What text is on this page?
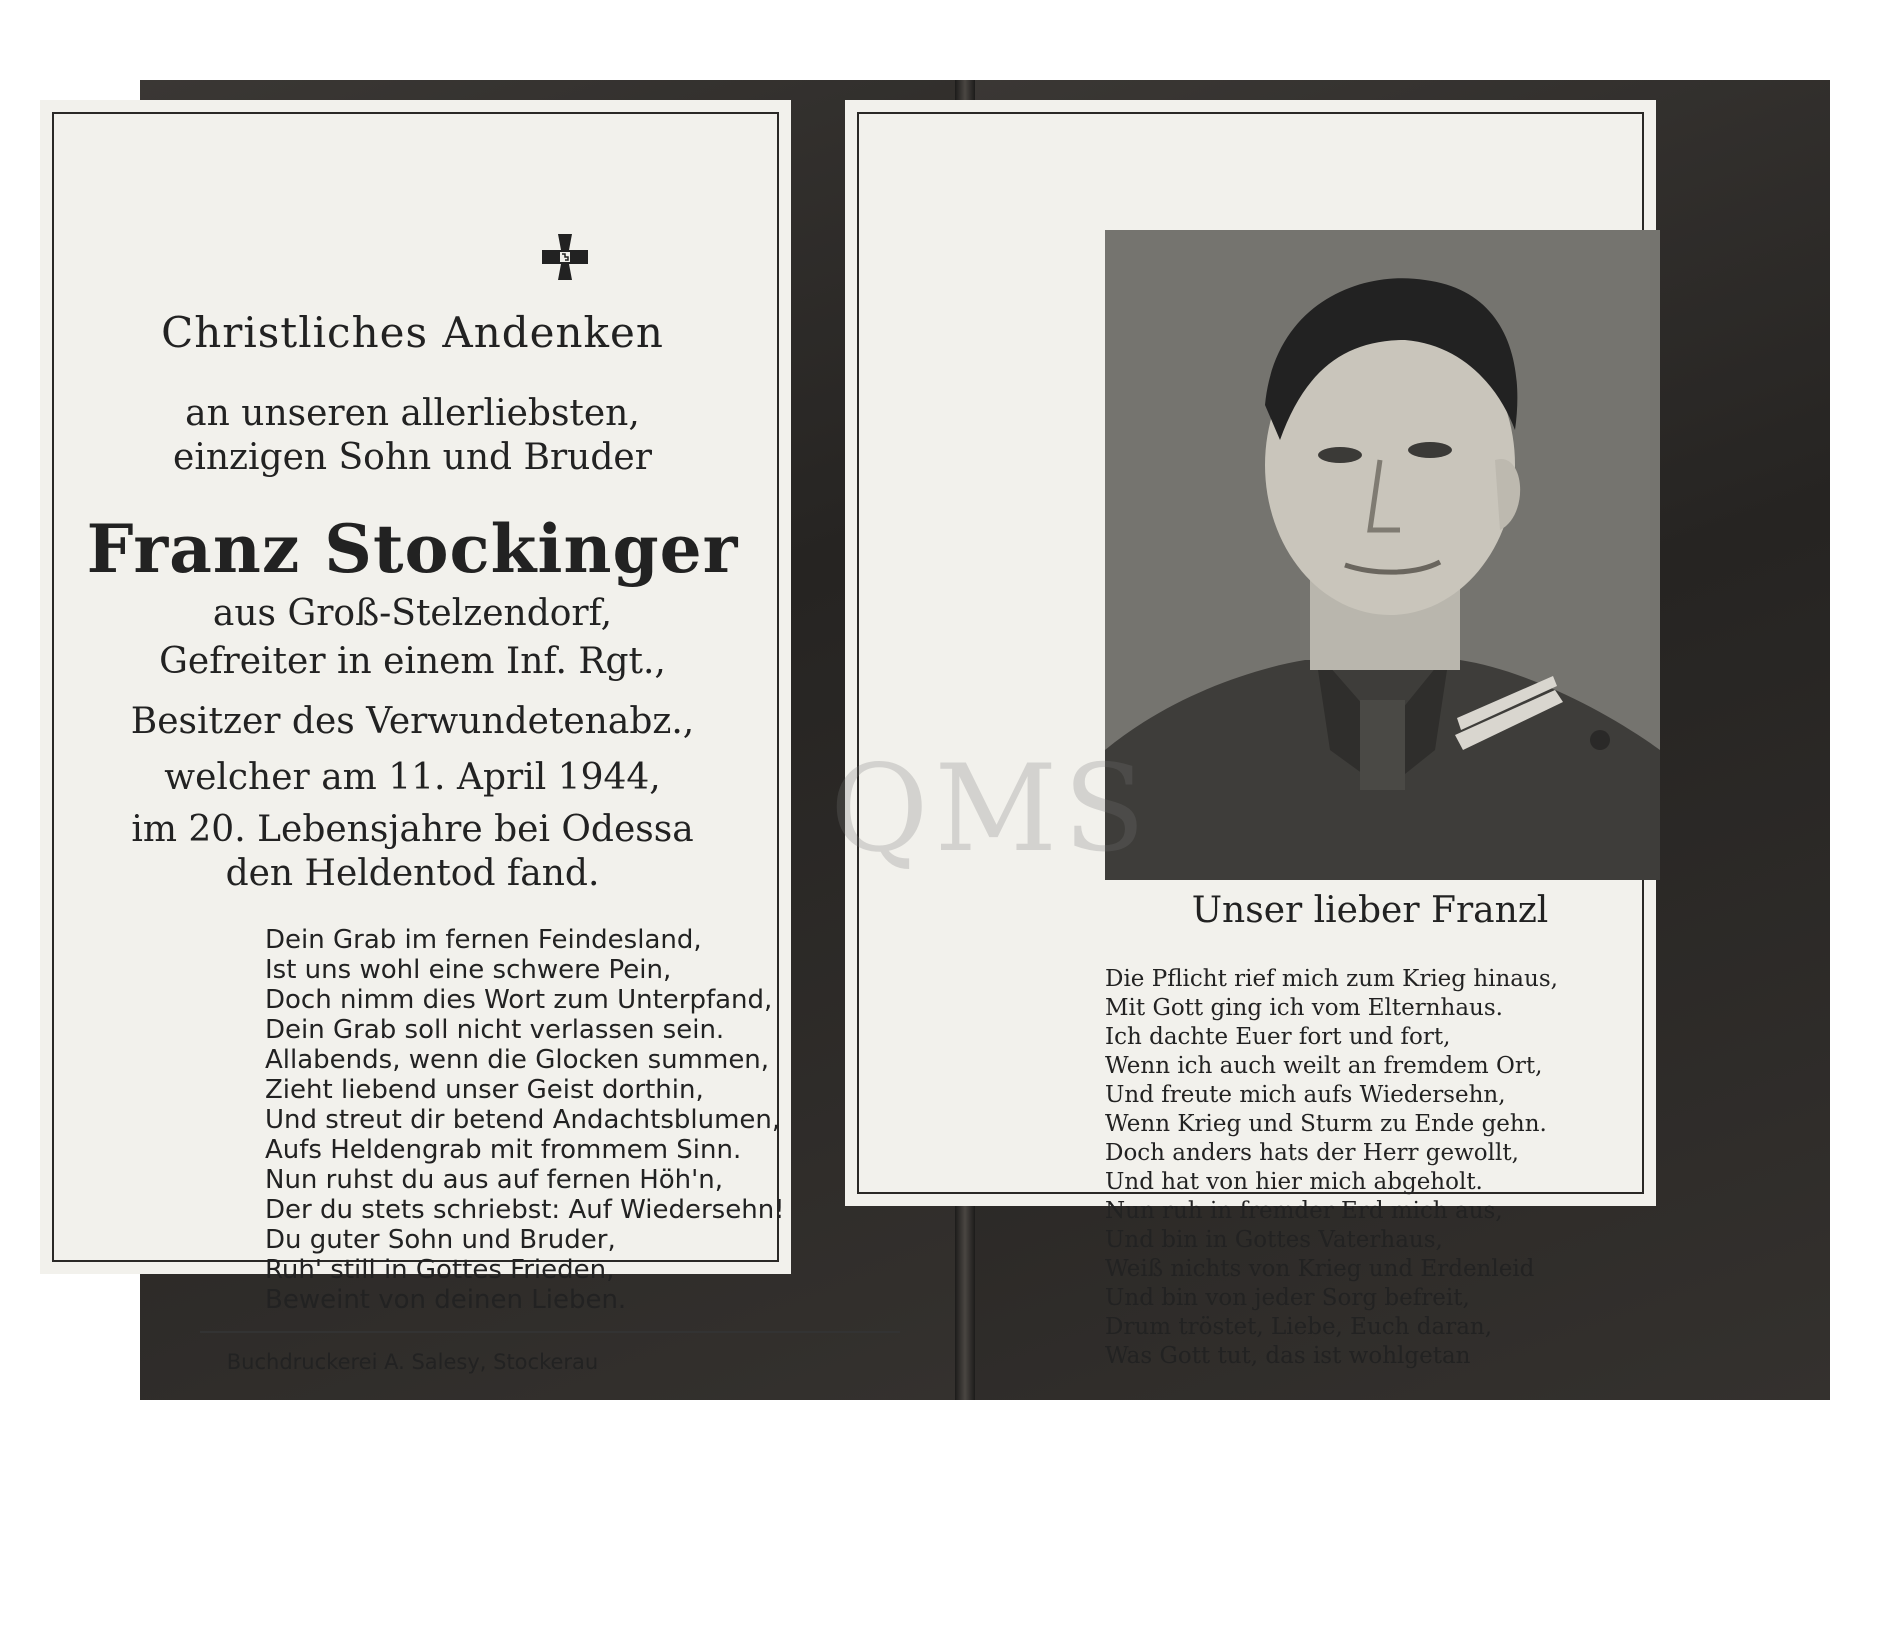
Christliches Andenken
an unseren allerliebsten,
einzigen Sohn und Bruder
Franz Stockinger
aus Groß-Stelzendorf,
Gefreiter in einem Inf. Rgt.,
Besitzer des Verwundetenabz.,
welcher am 11. April 1944,
im 20. Lebensjahre bei Odessa
den Heldentod fand.
Dein Grab im fernen Feindesland,
Ist uns wohl eine schwere Pein,
Doch nimm dies Wort zum Unterpfand,
Dein Grab soll nicht verlassen sein.
Allabends, wenn die Glocken summen,
Zieht liebend unser Geist dorthin,
Und streut dir betend Andachtsblumen,
Aufs Heldengrab mit frommem Sinn.
Nun ruhst du aus auf fernen Höh'n,
Der du stets schriebst: Auf Wiedersehn!
Du guter Sohn und Bruder,
Ruh' still in Gottes Frieden,
Beweint von deinen Lieben.
Buchdruckerei A. Salesy, Stockerau
Unser lieber Franzl
Die Pflicht rief mich zum Krieg hinaus,
Mit Gott ging ich vom Elternhaus.
Ich dachte Euer fort und fort,
Wenn ich auch weilt an fremdem Ort,
Und freute mich aufs Wiedersehn,
Wenn Krieg und Sturm zu Ende gehn.
Doch anders hats der Herr gewollt,
Und hat von hier mich abgeholt.
Nun ruh in fremder Erd mich aus,
Und bin in Gottes Vaterhaus,
Weiß nichts von Krieg und Erdenleid
Und bin von jeder Sorg befreit,
Drum tröstet, Liebe, Euch daran,
Was Gott tut, das ist wohlgetan
QMS
